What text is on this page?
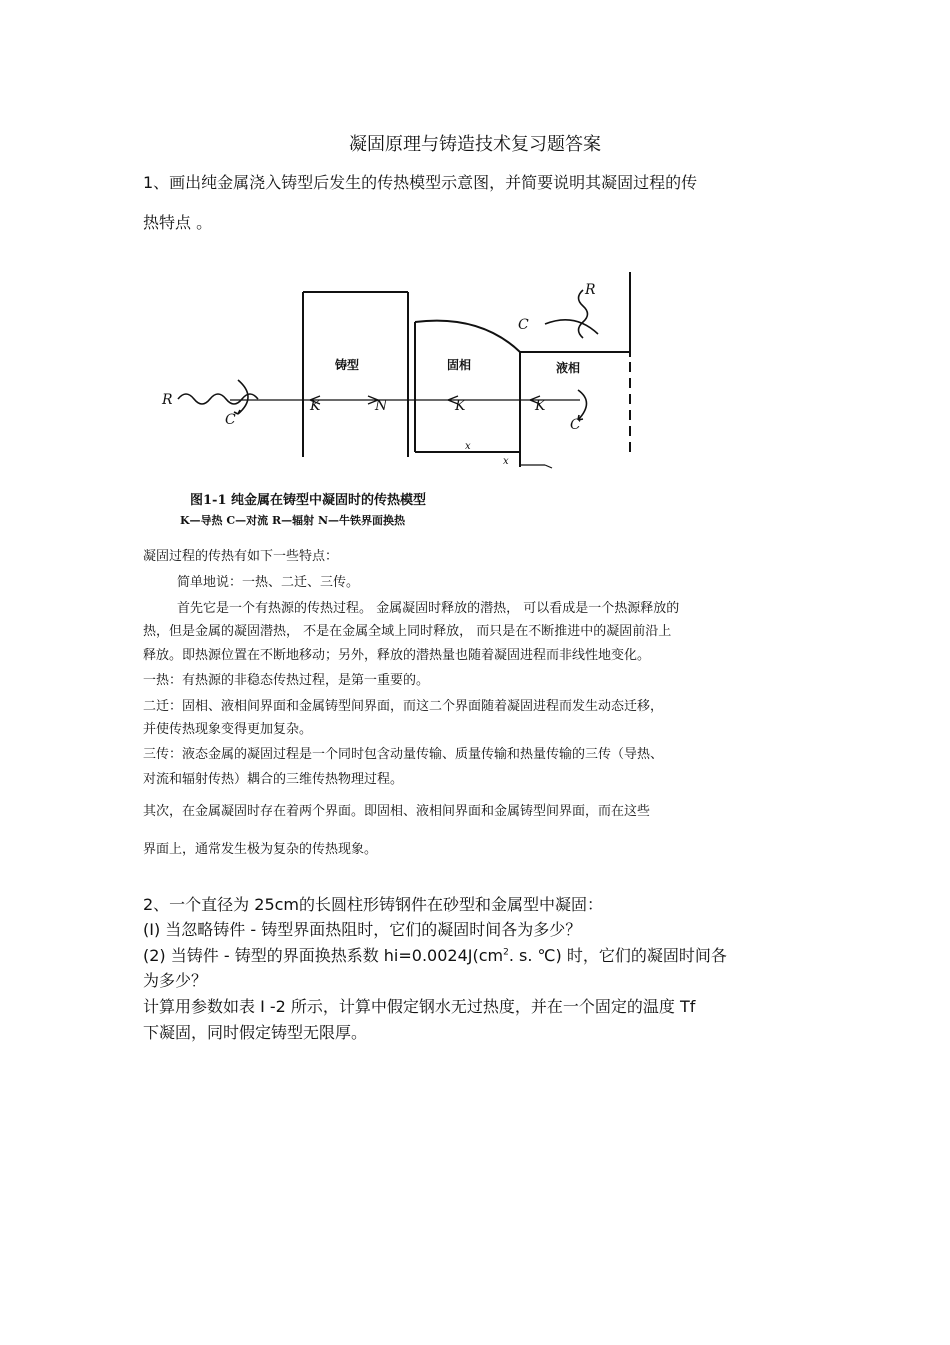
凝固原理与铸造技术复习题答案
1、画出纯金属浇入铸型后发生的传热模型示意图，并简要说明其凝固过程的传
热特点 。
铸型	固相	液相
R
C
K	N	K	K
C
C
R
x
x
图1-1 纯金属在铸型中凝固时的传热模型
K—导热 C—对流 R—辐射 N—牛铁界面换热
凝固过程的传热有如下一些特点：
简单地说：一热、二迁、三传。
首先它是一个有热源的传热过程。 金属凝固时释放的潜热， 可以看成是一个热源释放的
热，但是金属的凝固潜热， 不是在金属全域上同时释放， 而只是在不断推进中的凝固前沿上
释放。即热源位置在不断地移动；另外，释放的潜热量也随着凝固进程而非线性地变化。
一热：有热源的非稳态传热过程，是第一重要的。
二迁：固相、液相间界面和金属铸型间界面，而这二个界面随着凝固进程而发生动态迁移，
并使传热现象变得更加复杂。
三传：液态金属的凝固过程是一个同时包含动量传输、质量传输和热量传输的三传（导热、
对流和辐射传热）耦合的三维传热物理过程。
其次，在金属凝固时存在着两个界面。即固相、液相间界面和金属铸型间界面，而在这些
界面上，通常发生极为复杂的传热现象。
2、一个直径为 25cm的长圆柱形铸钢件在砂型和金属型中凝固：
(I) 当忽略铸件 - 铸型界面热阻时，它们的凝固时间各为多少？
(2) 当铸件 - 铸型的界面换热系数 $hi=0.0024J(cm^2$. s. ℃) 时，它们的凝固时间各
为多少？
计算用参数如表 I -2 所示，计算中假定钢水无过热度，并在一个固定的温度 Tf
下凝固，同时假定铸型无限厚。
